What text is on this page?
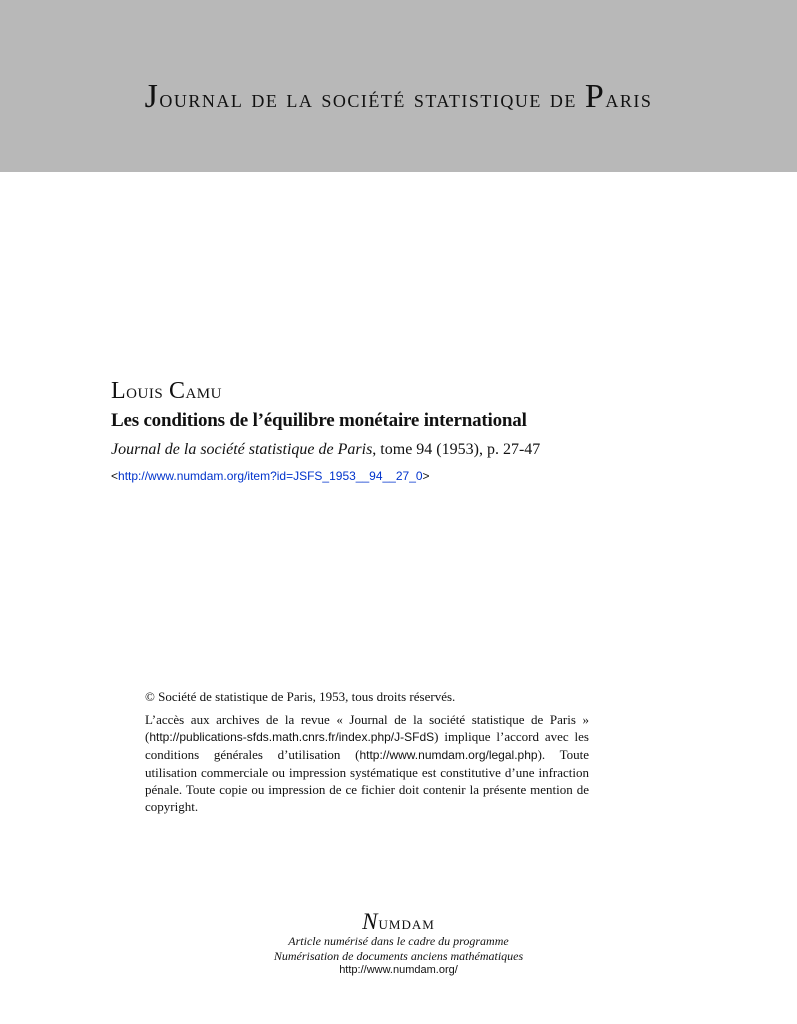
Journal de la société statistique de Paris
Louis Camu
Les conditions de l’équilibre monétaire international
Journal de la société statistique de Paris, tome 94 (1953), p. 27-47
<http://www.numdam.org/item?id=JSFS_1953__94__27_0>
© Société de statistique de Paris, 1953, tous droits réservés.
L’accès aux archives de la revue « Journal de la société statistique de Paris » (http://publications-sfds.math.cnrs.fr/index.php/J-SFdS) implique l’accord avec les conditions générales d’utilisation (http://www.numdam.org/legal.php). Toute utilisation commerciale ou impression systématique est constitutive d’une infraction pénale. Toute copie ou impression de ce fichier doit contenir la présente mention de copyright.
Numdam
Article numérisé dans le cadre du programme
Numérisation de documents anciens mathématiques
http://www.numdam.org/
